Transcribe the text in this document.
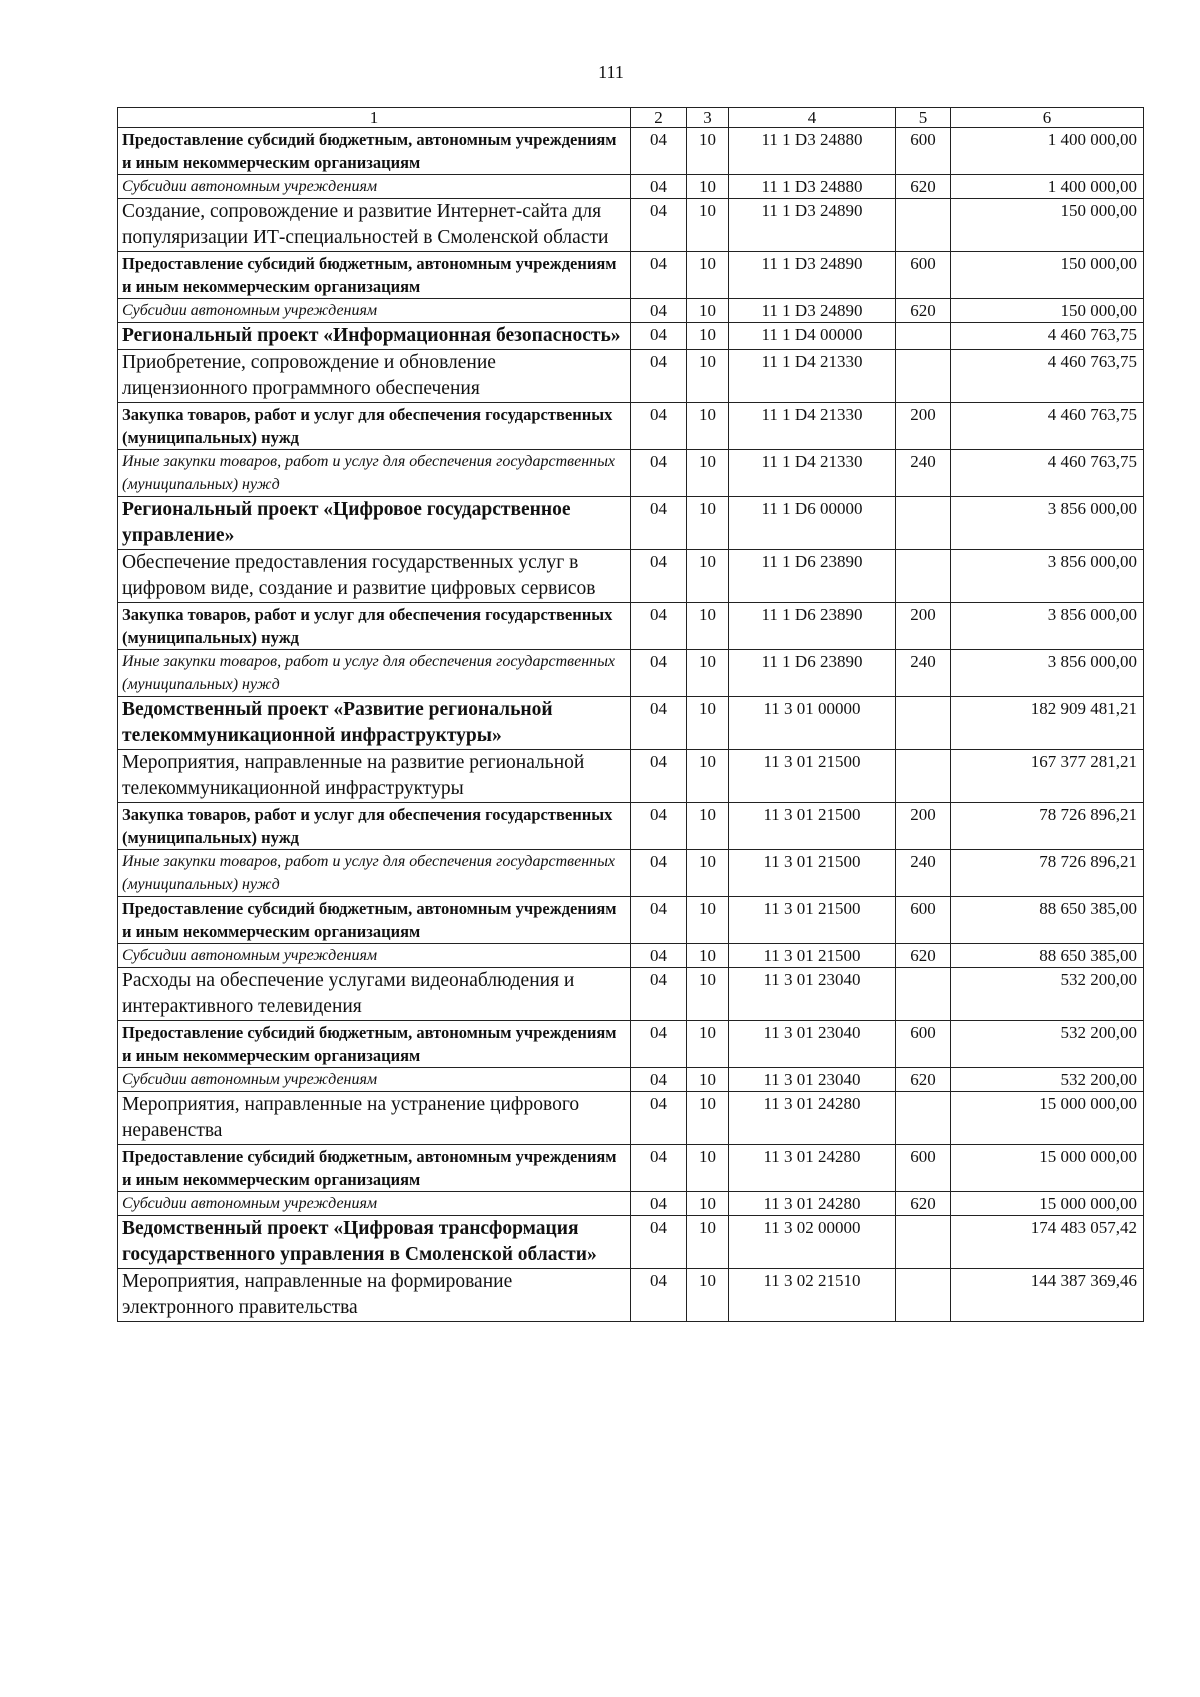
111
1	2	3	4	5	6
Предоставление субсидий бюджетным, автономным учреждениям и иным некоммерческим организациям	04	10	11 1 D3 24880	600	1 400 000,00
Субсидии автономным учреждениям	04	10	11 1 D3 24880	620	1 400 000,00
Создание, сопровождение и развитие Интернет-сайта для популяризации ИТ-специальностей в Смоленской области	04	10	11 1 D3 24890		150 000,00
Предоставление субсидий бюджетным, автономным учреждениям и иным некоммерческим организациям	04	10	11 1 D3 24890	600	150 000,00
Субсидии автономным учреждениям	04	10	11 1 D3 24890	620	150 000,00
Региональный проект «Информационная безопасность»	04	10	11 1 D4 00000		4 460 763,75
Приобретение, сопровождение и обновление лицензионного программного обеспечения	04	10	11 1 D4 21330		4 460 763,75
Закупка товаров, работ и услуг для обеспечения государственных (муниципальных) нужд	04	10	11 1 D4 21330	200	4 460 763,75
Иные закупки товаров, работ и услуг для обеспечения государственных (муниципальных) нужд	04	10	11 1 D4 21330	240	4 460 763,75
Региональный проект «Цифровое государственное управление»	04	10	11 1 D6 00000		3 856 000,00
Обеспечение предоставления государственных услуг в цифровом виде, создание и развитие цифровых сервисов	04	10	11 1 D6 23890		3 856 000,00
Закупка товаров, работ и услуг для обеспечения государственных (муниципальных) нужд	04	10	11 1 D6 23890	200	3 856 000,00
Иные закупки товаров, работ и услуг для обеспечения государственных (муниципальных) нужд	04	10	11 1 D6 23890	240	3 856 000,00
Ведомственный проект «Развитие региональной телекоммуникационной инфраструктуры»	04	10	11 3 01 00000		182 909 481,21
Мероприятия, направленные на развитие региональной телекоммуникационной инфраструктуры	04	10	11 3 01 21500		167 377 281,21
Закупка товаров, работ и услуг для обеспечения государственных (муниципальных) нужд	04	10	11 3 01 21500	200	78 726 896,21
Иные закупки товаров, работ и услуг для обеспечения государственных (муниципальных) нужд	04	10	11 3 01 21500	240	78 726 896,21
Предоставление субсидий бюджетным, автономным учреждениям и иным некоммерческим организациям	04	10	11 3 01 21500	600	88 650 385,00
Субсидии автономным учреждениям	04	10	11 3 01 21500	620	88 650 385,00
Расходы на обеспечение услугами видеонаблюдения и интерактивного телевидения	04	10	11 3 01 23040		532 200,00
Предоставление субсидий бюджетным, автономным учреждениям и иным некоммерческим организациям	04	10	11 3 01 23040	600	532 200,00
Субсидии автономным учреждениям	04	10	11 3 01 23040	620	532 200,00
Мероприятия, направленные на устранение цифрового неравенства	04	10	11 3 01 24280		15 000 000,00
Предоставление субсидий бюджетным, автономным учреждениям и иным некоммерческим организациям	04	10	11 3 01 24280	600	15 000 000,00
Субсидии автономным учреждениям	04	10	11 3 01 24280	620	15 000 000,00
Ведомственный проект «Цифровая трансформация государственного управления в Смоленской области»	04	10	11 3 02 00000		174 483 057,42
Мероприятия, направленные на формирование электронного правительства	04	10	11 3 02 21510		144 387 369,46
